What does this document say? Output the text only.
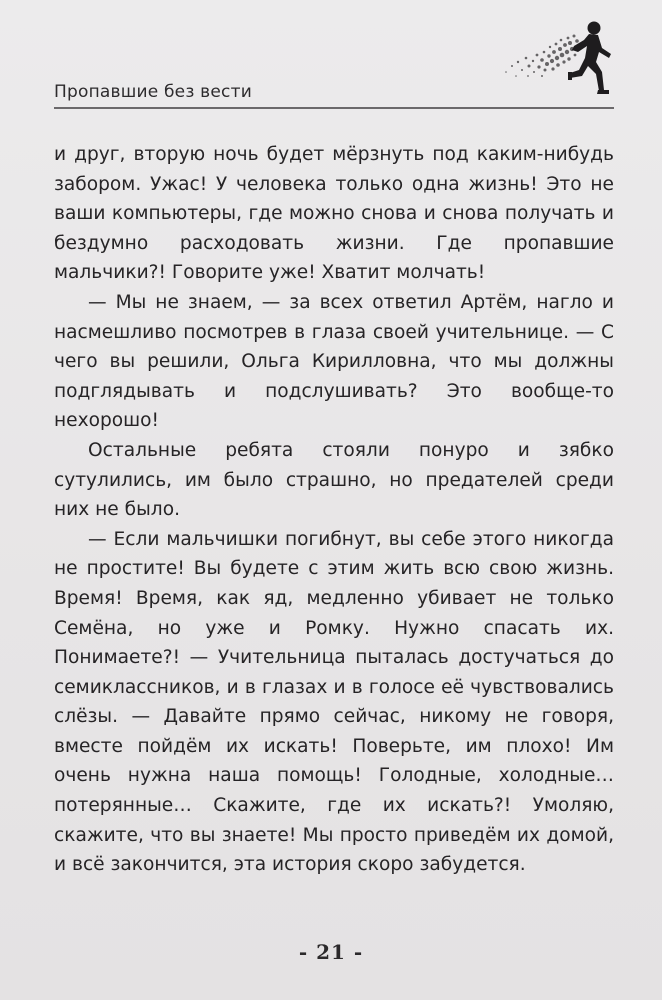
Пропавшие без вести

и друг, вторую ночь будет мёрзнуть под каким-нибудь забором. Ужас! У человека только одна жизнь! Это не ваши компьютеры, где можно снова и снова получать и бездумно расходовать жизни. Где пропавшие мальчики?! Говорите уже! Хватит молчать!

— Мы не знаем, — за всех ответил Артём, нагло и насмешливо посмотрев в глаза своей учительнице. — С чего вы решили, Ольга Кирилловна, что мы должны подглядывать и подслушивать? Это вообще-то нехорошо!

Остальные ребята стояли понуро и зябко сутулились, им было страшно, но предателей среди них не было.

— Если мальчишки погибнут, вы себе этого никогда не простите! Вы будете с этим жить всю свою жизнь. Время! Время, как яд, медленно убивает не только Семёна, но уже и Ромку. Нужно спасать их. Понимаете?! — Учительница пыталась достучаться до семиклассников, и в глазах и в голосе её чувствовались слёзы. — Давайте прямо сейчас, никому не говоря, вместе пойдём их искать! Поверьте, им плохо! Им очень нужна наша помощь! Голодные, холодные… потерянные… Скажите, где их искать?! Умоляю, скажите, что вы знаете! Мы просто приведём их домой, и всё закончится, эта история скоро забудется.

- 21 -
